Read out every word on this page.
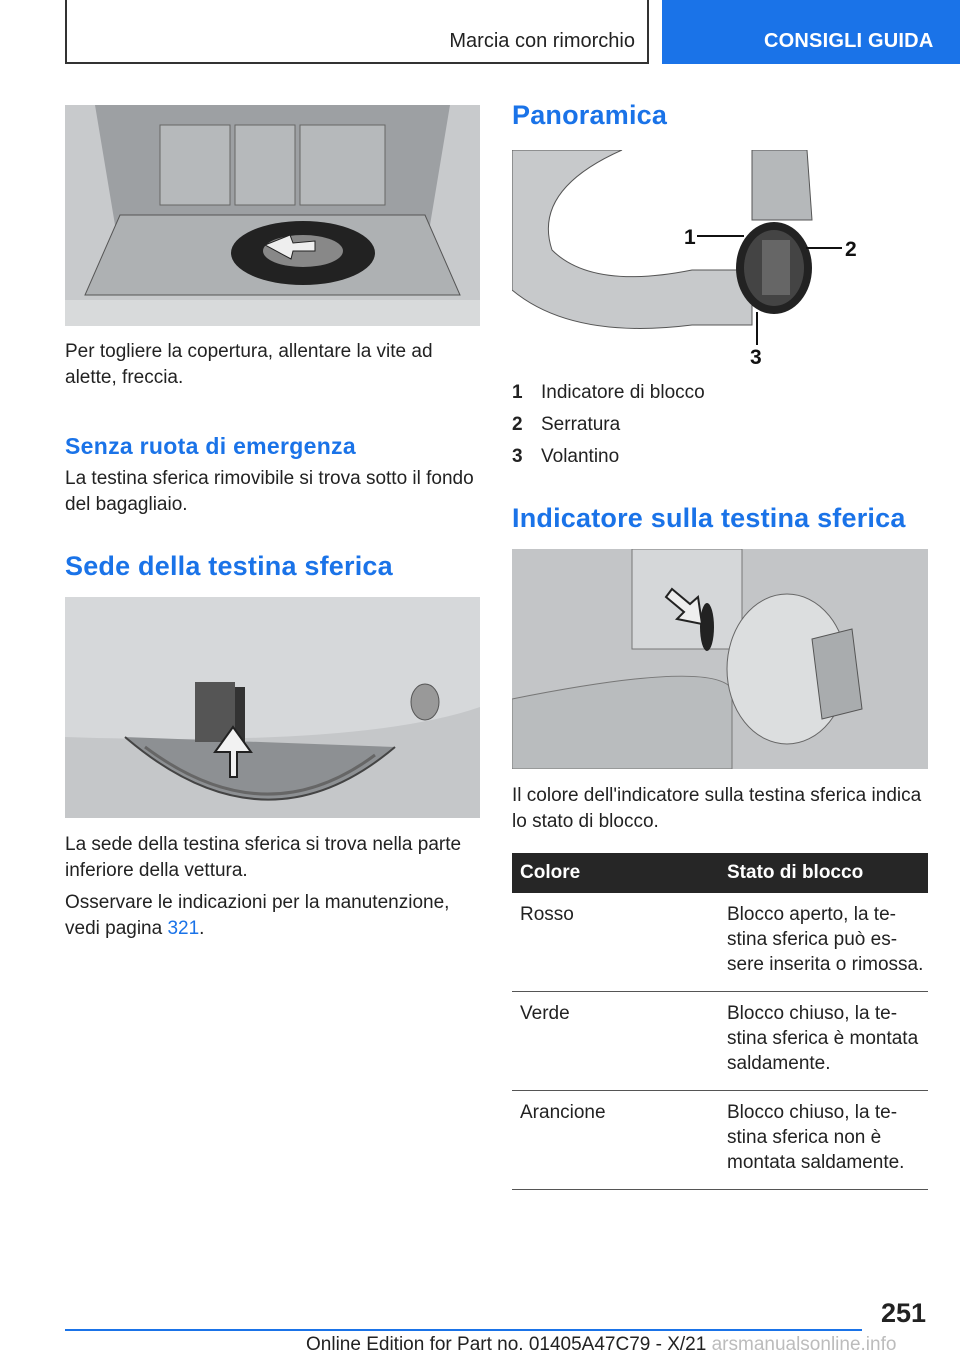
Marcia con rimorchio	CONSIGLI GUIDA

Per togliere la copertura, allentare la vite ad alette, freccia.

Senza ruota di emergenza

La testina sferica rimovibile si trova sotto il fondo del bagagliaio.

Sede della testina sferica

La sede della testina sferica si trova nella parte inferiore della vettura.

Osservare le indicazioni per la manutenzione, vedi pagina 321.

Panoramica
1
2
3
1 Indicatore di blocco
2 Serratura
3 Volantino
Indicatore sulla testina sferica

Il colore dell'indicatore sulla testina sferica indica lo stato di blocco.

Colore	Stato di blocco
Rosso	Blocco aperto, la te-stina sferica può es-sere inserita o rimossa.
Verde	Blocco chiuso, la te-stina sferica è montata saldamente.
Arancione	Blocco chiuso, la te-stina sferica non è montata saldamente.
251
Online Edition for Part no. 01405A47C79 - X/21 arsmanualsonline.info
